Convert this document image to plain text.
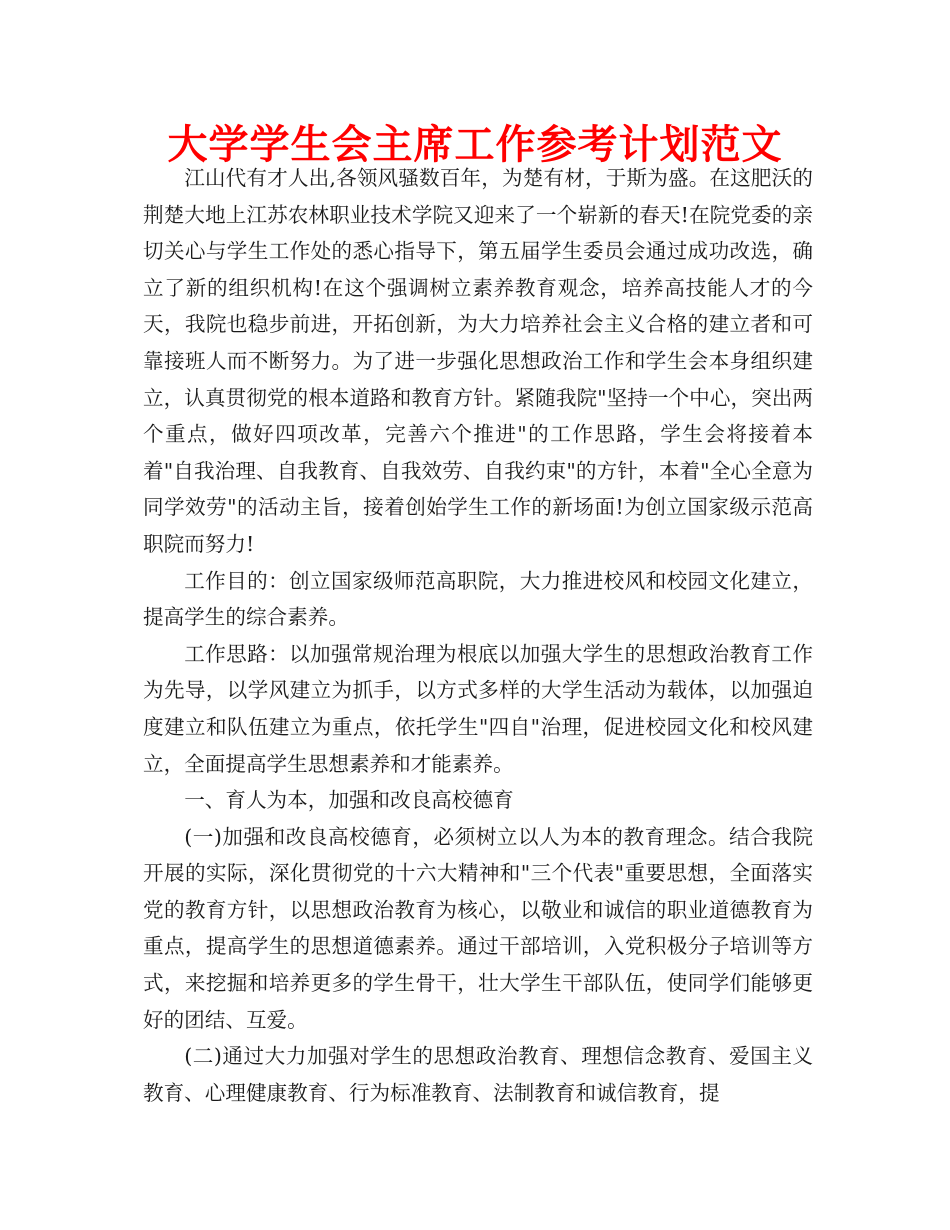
大学学生会主席工作参考计划范文

江山代有才人出,各领风骚数百年，为楚有材，于斯为盛。在这肥沃的荆楚大地上江苏农林职业技术学院又迎来了一个崭新的春天!在院党委的亲切关心与学生工作处的悉心指导下，第五届学生委员会通过成功改选，确立了新的组织机构!在这个强调树立素养教育观念，培养高技能人才的今天，我院也稳步前进，开拓创新，为大力培养社会主义合格的建立者和可靠接班人而不断努力。为了进一步强化思想政治工作和学生会本身组织建立，认真贯彻党的根本道路和教育方针。紧随我院"坚持一个中心，突出两个重点，做好四项改革，完善六个推进"的工作思路，学生会将接着本着"自我治理、自我教育、自我效劳、自我约束"的方针，本着"全心全意为同学效劳"的活动主旨，接着创始学生工作的新场面!为创立国家级示范高职院而努力!

工作目的：创立国家级师范高职院，大力推进校风和校园文化建立，提高学生的综合素养。

工作思路：以加强常规治理为根底以加强大学生的思想政治教育工作为先导，以学风建立为抓手，以方式多样的大学生活动为载体，以加强迫度建立和队伍建立为重点，依托学生"四自"治理，促进校园文化和校风建立，全面提高学生思想素养和才能素养。

一、育人为本，加强和改良高校德育

(一)加强和改良高校德育，必须树立以人为本的教育理念。结合我院开展的实际，深化贯彻党的十六大精神和"三个代表"重要思想，全面落实党的教育方针，以思想政治教育为核心，以敬业和诚信的职业道德教育为重点，提高学生的思想道德素养。通过干部培训，入党积极分子培训等方式，来挖掘和培养更多的学生骨干，壮大学生干部队伍，使同学们能够更好的团结、互爱。

(二)通过大力加强对学生的思想政治教育、理想信念教育、爱国主义教育、心理健康教育、行为标准教育、法制教育和诚信教育，提
